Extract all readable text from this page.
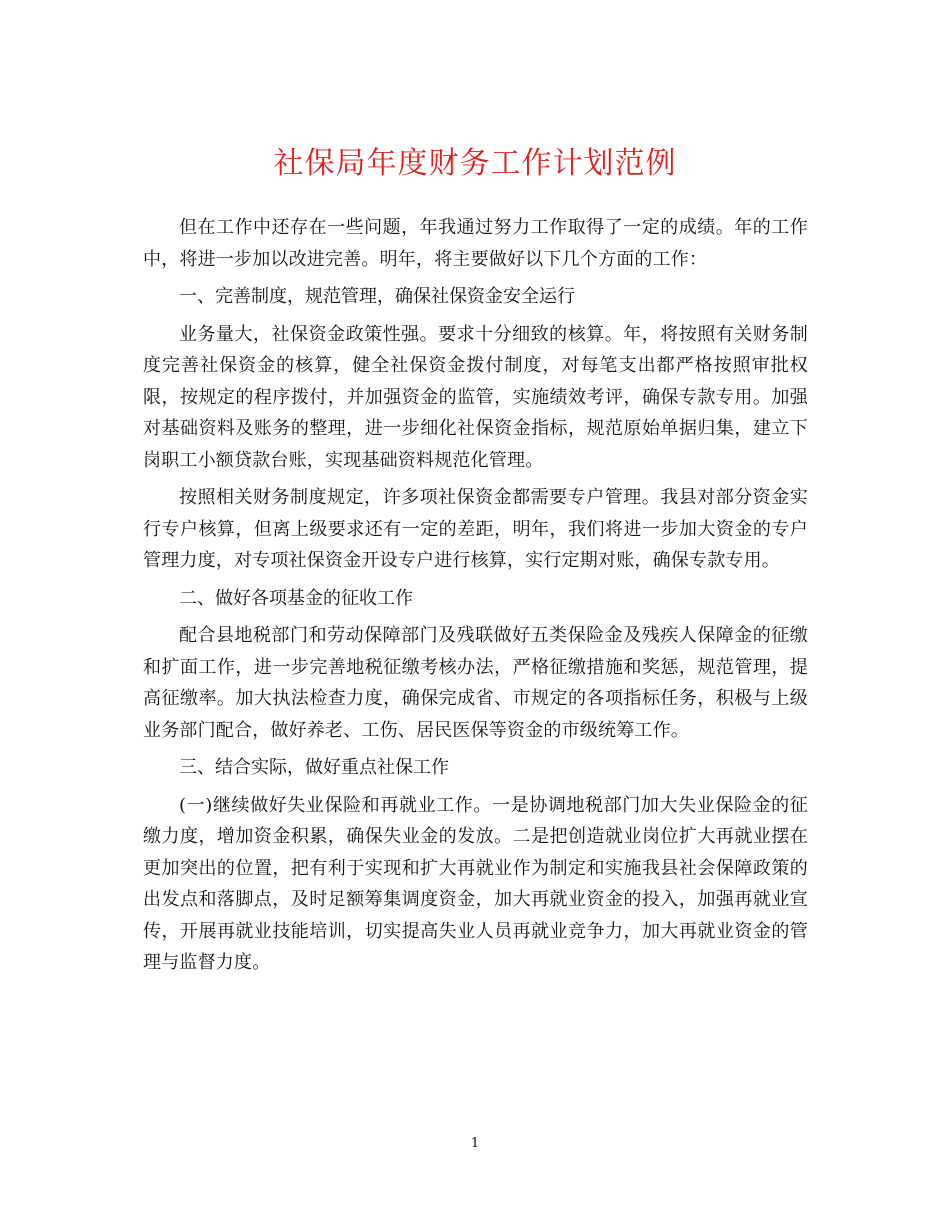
社保局年度财务工作计划范例

但在工作中还存在一些问题，年我通过努力工作取得了一定的成绩。年的工作中，将进一步加以改进完善。明年，将主要做好以下几个方面的工作：

一、完善制度，规范管理，确保社保资金安全运行

业务量大，社保资金政策性强。要求十分细致的核算。年，将按照有关财务制度完善社保资金的核算，健全社保资金拨付制度，对每笔支出都严格按照审批权限，按规定的程序拨付，并加强资金的监管，实施绩效考评，确保专款专用。加强对基础资料及账务的整理，进一步细化社保资金指标，规范原始单据归集，建立下岗职工小额贷款台账，实现基础资料规范化管理。

按照相关财务制度规定，许多项社保资金都需要专户管理。我县对部分资金实行专户核算，但离上级要求还有一定的差距，明年，我们将进一步加大资金的专户管理力度，对专项社保资金开设专户进行核算，实行定期对账，确保专款专用。

二、做好各项基金的征收工作

配合县地税部门和劳动保障部门及残联做好五类保险金及残疾人保障金的征缴和扩面工作，进一步完善地税征缴考核办法，严格征缴措施和奖惩，规范管理，提高征缴率。加大执法检查力度，确保完成省、市规定的各项指标任务，积极与上级业务部门配合，做好养老、工伤、居民医保等资金的市级统筹工作。

三、结合实际，做好重点社保工作

(一)继续做好失业保险和再就业工作。一是协调地税部门加大失业保险金的征缴力度，增加资金积累，确保失业金的发放。二是把创造就业岗位扩大再就业摆在更加突出的位置，把有利于实现和扩大再就业作为制定和实施我县社会保障政策的出发点和落脚点，及时足额筹集调度资金，加大再就业资金的投入，加强再就业宣传，开展再就业技能培训，切实提高失业人员再就业竞争力，加大再就业资金的管理与监督力度。

1
